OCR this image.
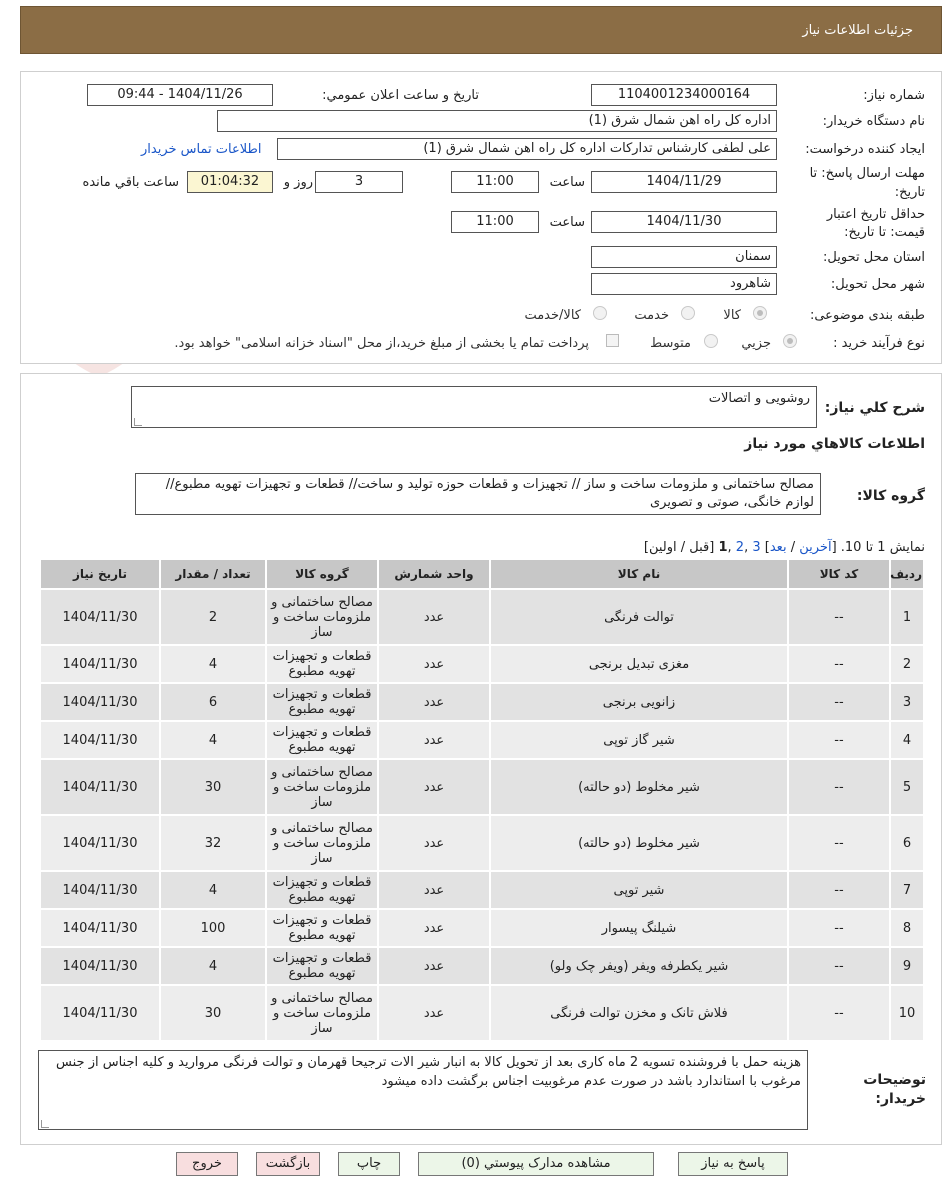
جزئیات اطلاعات نیاز
شماره نیاز:
1104001234000164
تاریخ و ساعت اعلان عمومي:
1404/11/26 - 09:44
نام دستگاه خریدار:
اداره کل راه اهن شمال شرق (1)
ایجاد کننده درخواست:
علی لطفی کارشناس تدارکات اداره کل راه اهن شمال شرق (1)
اطلاعات تماس خریدار
مهلت ارسال پاسخ: تا
تاریخ:
1404/11/29
ساعت
11:00
3
روز و
01:04:32
ساعت باقي مانده
حداقل تاریخ اعتبار
قیمت: تا تاریخ:
1404/11/30
ساعت
11:00
استان محل تحویل:
سمنان
شهر محل تحویل:
شاهرود
طبقه بندی موضوعی:
کالا
خدمت
کالا/خدمت
نوع فرآیند خرید :
جزیي
متوسط
پرداخت تمام یا بخشی از مبلغ خرید،از محل "اسناد خزانه اسلامی" خواهد بود.
شرح کلي نیاز:
روشویی و اتصالات
اطلاعات کالاهاي مورد نیاز
گروه کالا:
مصالح ساختمانی و ملزومات ساخت و ساز // تجهیزات و قطعات حوزه تولید و ساخت// قطعات و تجهیزات تهویه مطبوع// لوازم خانگی، صوتی و تصویری
نمایش 1 تا 10. [آخرین / بعد] 3 ,2 ,1 [قبل / اولین]
ردیف	کد کالا	نام کالا	واحد شمارش	گروه کالا	تعداد / مقدار	تاریخ نیاز
1	--	توالت فرنگی	عدد	مصالح ساختمانی و ملزومات ساخت و ساز	2	1404/11/30
2	--	مغزی تبدیل برنجی	عدد	قطعات و تجهیزات تهویه مطبوع	4	1404/11/30
3	--	زانویی برنجی	عدد	قطعات و تجهیزات تهویه مطبوع	6	1404/11/30
4	--	شیر گاز توپی	عدد	قطعات و تجهیزات تهویه مطبوع	4	1404/11/30
5	--	شیر مخلوط (دو حالته)	عدد	مصالح ساختمانی و ملزومات ساخت و ساز	30	1404/11/30
6	--	شیر مخلوط (دو حالته)	عدد	مصالح ساختمانی و ملزومات ساخت و ساز	32	1404/11/30
7	--	شیر توپی	عدد	قطعات و تجهیزات تهویه مطبوع	4	1404/11/30
8	--	شیلنگ پیسوار	عدد	قطعات و تجهیزات تهویه مطبوع	100	1404/11/30
9	--	شیر یکطرفه ویفر (ویفر چک ولو)	عدد	قطعات و تجهیزات تهویه مطبوع	4	1404/11/30
10	--	فلاش تانک و مخزن توالت فرنگی	عدد	مصالح ساختمانی و ملزومات ساخت و ساز	30	1404/11/30
توضیحات
خریدار:
هزینه حمل با فروشنده تسویه 2 ماه کاری بعد از تحویل کالا به انبار شیر الات ترجیحا قهرمان و توالت فرنگی مروارید و کلیه اجناس از جنس مرغوب با استاندارد باشد در صورت عدم مرغوبیت اجناس برگشت داده میشود
پاسخ به نیاز
مشاهده مدارک پیوستي (0)
چاپ
بازگشت
خروج
